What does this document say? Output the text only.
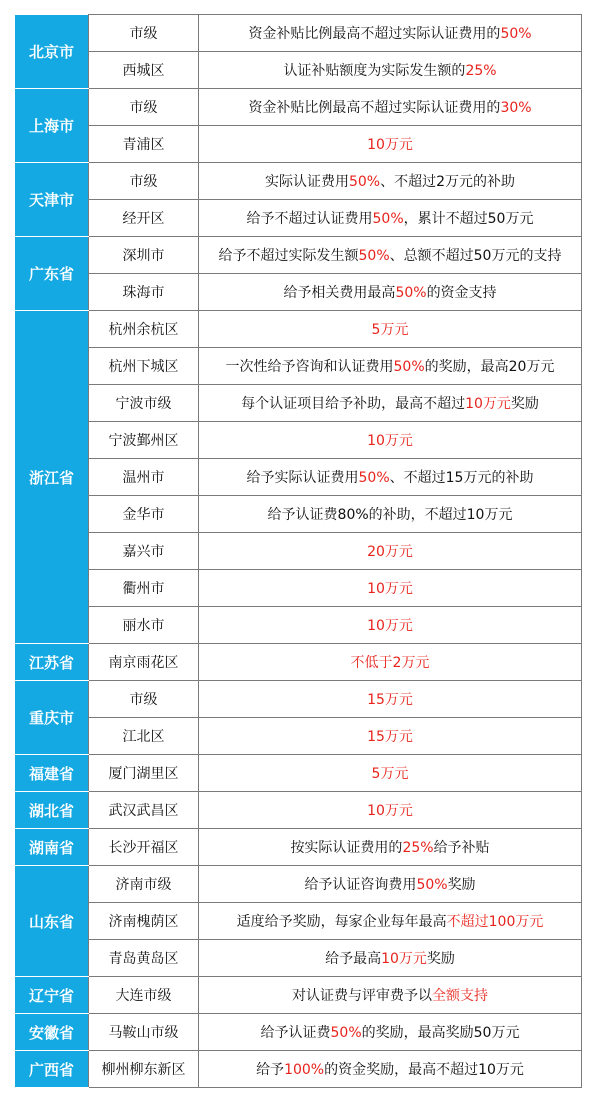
北京市	市级	资金补贴比例最高不超过实际认证费用的50%
	西城区	认证补贴额度为实际发生额的25%
上海市	市级	资金补贴比例最高不超过实际认证费用的30%
	青浦区	10万元
天津市	市级	实际认证费用50%、不超过2万元的补助
	经开区	给予不超过认证费用50%，累计不超过50万元
广东省	深圳市	给予不超过实际发生额50%、总额不超过50万元的支持
	珠海市	给予相关费用最高50%的资金支持
浙江省	杭州余杭区	5万元
	杭州下城区	一次性给予咨询和认证费用50%的奖励，最高20万元
	宁波市级	每个认证项目给予补助，最高不超过10万元奖励
	宁波鄞州区	10万元
	温州市	给予实际认证费用50%、不超过15万元的补助
	金华市	给予认证费80%的补助，不超过10万元
	嘉兴市	20万元
	衢州市	10万元
	丽水市	10万元
江苏省	南京雨花区	不低于2万元
重庆市	市级	15万元
	江北区	15万元
福建省	厦门湖里区	5万元
湖北省	武汉武昌区	10万元
湖南省	长沙开福区	按实际认证费用的25%给予补贴
山东省	济南市级	给予认证咨询费用50%奖励
	济南槐荫区	适度给予奖励，每家企业每年最高不超过100万元
	青岛黄岛区	给予最高10万元奖励
辽宁省	大连市级	对认证费与评审费予以全额支持
安徽省	马鞍山市级	给予认证费50%的奖励，最高奖励50万元
广西省	柳州柳东新区	给予100%的资金奖励，最高不超过10万元
